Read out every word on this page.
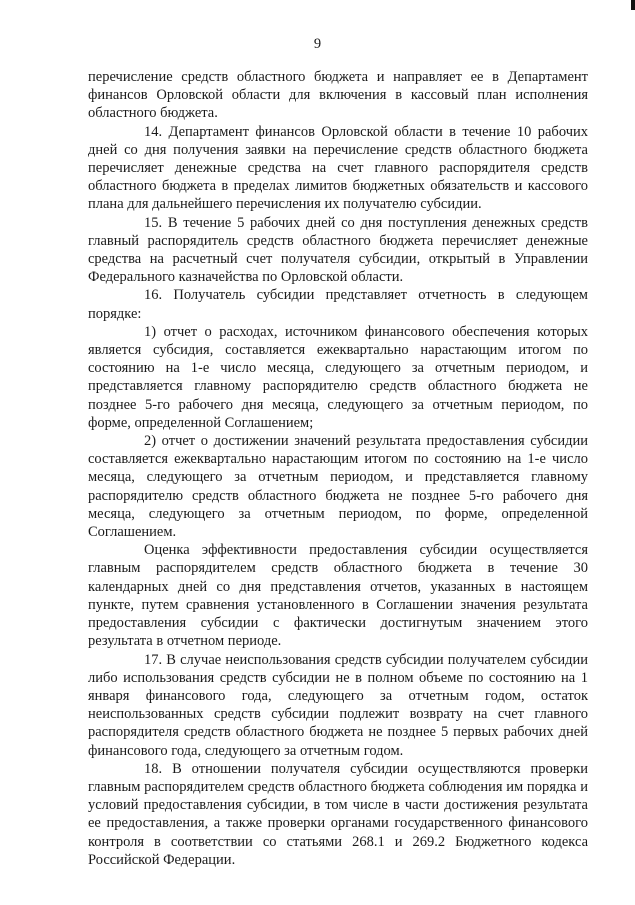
9

перечисление средств областного бюджета и направляет ее в Департамент финансов Орловской области для включения в кассовый план исполнения областного бюджета.

14. Департамент финансов Орловской области в течение 10 рабочих дней со дня получения заявки на перечисление средств областного бюджета перечисляет денежные средства на счет главного распорядителя средств областного бюджета в пределах лимитов бюджетных обязательств и кассового плана для дальнейшего перечисления их получателю субсидии.

15. В течение 5 рабочих дней со дня поступления денежных средств главный распорядитель средств областного бюджета перечисляет денежные средства на расчетный счет получателя субсидии, открытый в Управлении Федерального казначейства по Орловской области.

16. Получатель субсидии представляет отчетность в следующем порядке:

1) отчет о расходах, источником финансового обеспечения которых является субсидия, составляется ежеквартально нарастающим итогом по состоянию на 1-е число месяца, следующего за отчетным периодом, и представляется главному распорядителю средств областного бюджета не позднее 5-го рабочего дня месяца, следующего за отчетным периодом, по форме, определенной Соглашением;

2) отчет о достижении значений результата предоставления субсидии составляется ежеквартально нарастающим итогом по состоянию на 1-е число месяца, следующего за отчетным периодом, и представляется главному распорядителю средств областного бюджета не позднее 5-го рабочего дня месяца, следующего за отчетным периодом, по форме, определенной Соглашением.

Оценка эффективности предоставления субсидии осуществляется главным распорядителем средств областного бюджета в течение 30 календарных дней со дня представления отчетов, указанных в настоящем пункте, путем сравнения установленного в Соглашении значения результата предоставления субсидии с фактически достигнутым значением этого результата в отчетном периоде.

17. В случае неиспользования средств субсидии получателем субсидии либо использования средств субсидии не в полном объеме по состоянию на 1 января финансового года, следующего за отчетным годом, остаток неиспользованных средств субсидии подлежит возврату на счет главного распорядителя средств областного бюджета не позднее 5 первых рабочих дней финансового года, следующего за отчетным годом.

18. В отношении получателя субсидии осуществляются проверки главным распорядителем средств областного бюджета соблюдения им порядка и условий предоставления субсидии, в том числе в части достижения результата ее предоставления, а также проверки органами государственного финансового контроля в соответствии со статьями 268.1 и 269.2 Бюджетного кодекса Российской Федерации.
